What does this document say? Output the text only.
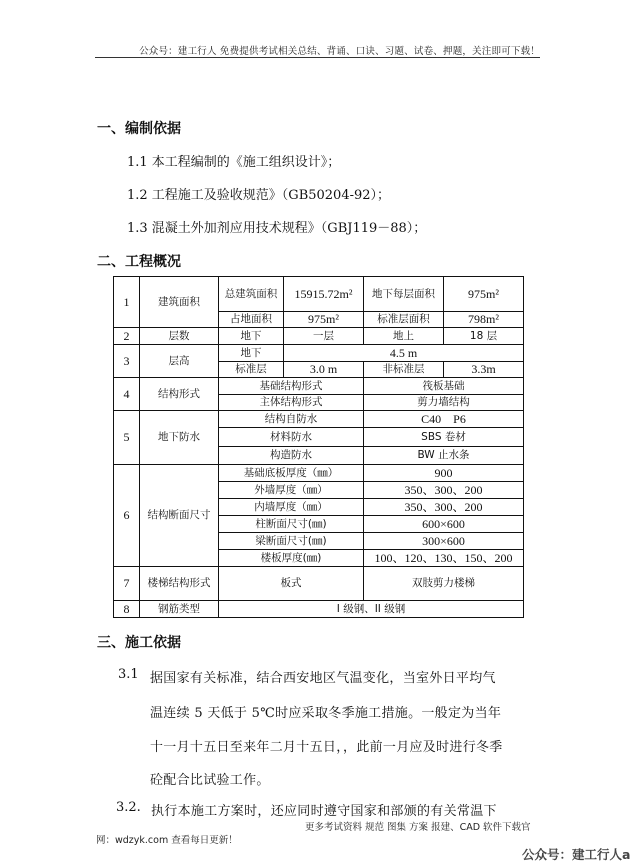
公众号：建工行人 免费提供考试相关总结、背诵、口诀、习题、试卷、押题，关注即可下载！
一、编制依据
1.1 本工程编制的《施工组织设计》；
1.2 工程施工及验收规范》（GB50204-92）；
1.3 混凝土外加剂应用技术规程》（GBJ119－88）；
二、工程概况
1	建筑面积	总建筑面积	15915.72m²	地下每层面积	975m²
		占地面积	975m²	标准层面积	798m²
2	层数	地下	一层	地上	18 层
3	层高	地下	4.5 m		
		标准层	3.0 m	非标准层	3.3m
4	结构形式	基础结构形式		筏板基础	
		主体结构形式		剪力墙结构	
5	地下防水	结构自防水		C40　P6	
		材料防水		SBS 卷材	
		构造防水		BW 止水条	
6	结构断面尺寸	基础底板厚度（㎜）		900	
		外墙厚度（㎜）		350、300、200	
		内墙厚度（㎜）		350、300、200	
		柱断面尺寸(㎜)		600×600	
		梁断面尺寸(㎜)		300×600	
		楼板厚度(㎜)		100、120、130、150、200	
7	楼梯结构形式	板式		双肢剪力楼梯	
8	钢筋类型	I 级钢、II 级钢			
三、施工依据
3.1 据国家有关标准，结合西安地区气温变化，当室外日平均气
温连续 5 天低于 5℃时应采取冬季施工措施。一般定为当年
十一月十五日至来年二月十五日，，此前一月应及时进行冬季
砼配合比试验工作。
3.2. 执行本施工方案时，还应同时遵守国家和部颁的有关常温下
更多考试资料 规范 图集 方案 报建、CAD 软件下载官
网：wdzyk.com 查看每日更新！
公众号：建工行人a
